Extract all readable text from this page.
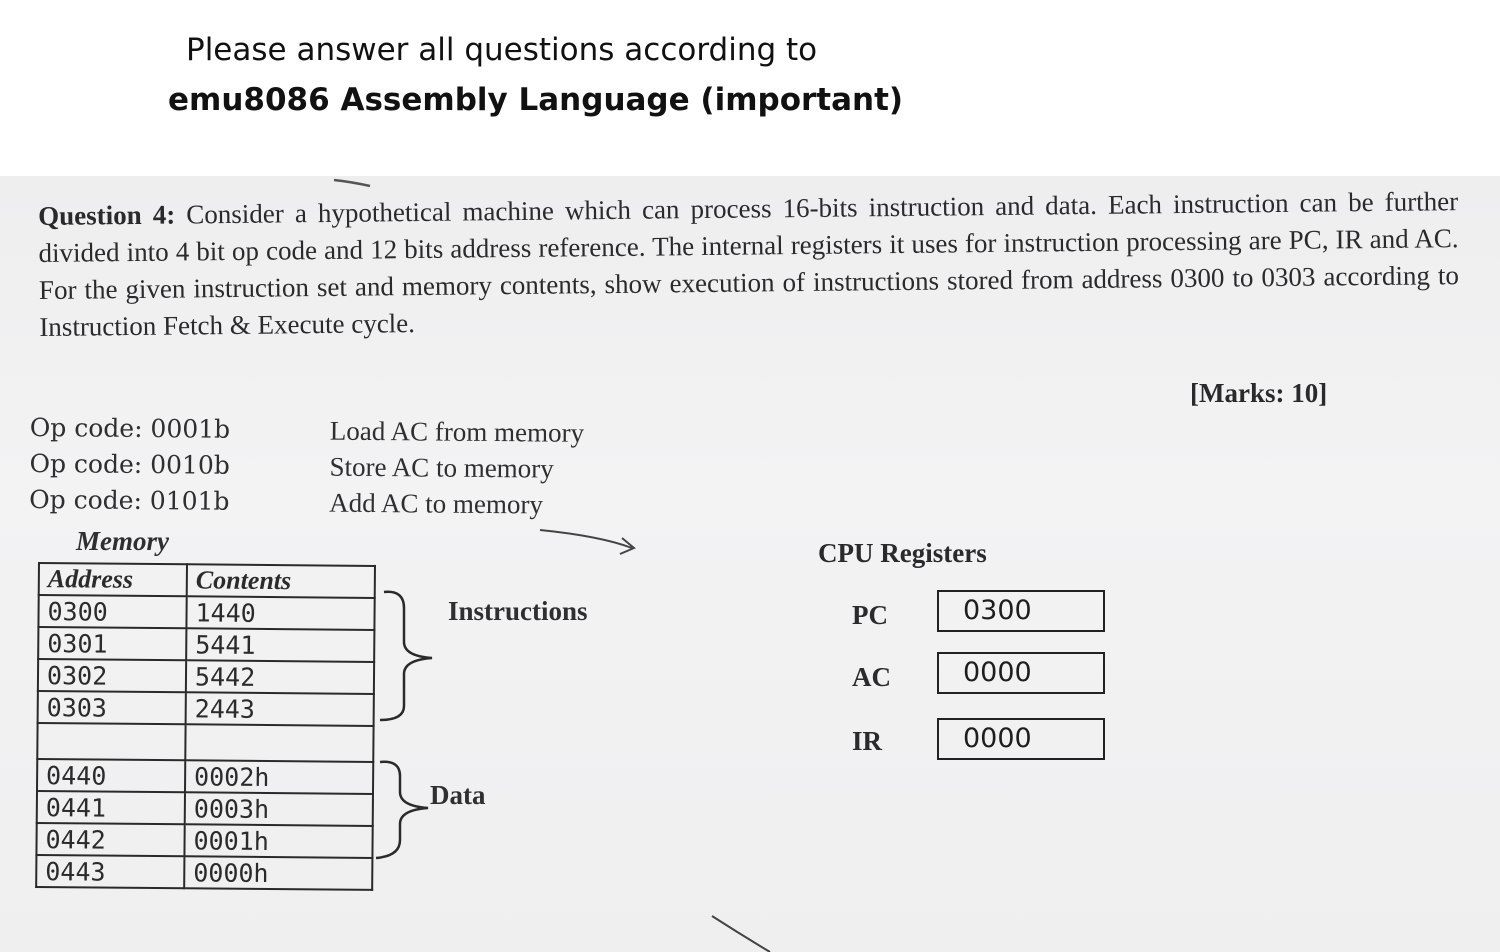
Please answer all questions according to
emu8086 Assembly Language (important)
Question 4: Consider a hypothetical machine which can process 16-bits instruction and data. Each instruction can be further divided into 4 bit op code and 12 bits address reference. The internal registers it uses for instruction processing are PC, IR and AC. For the given instruction set and memory contents, show execution of instructions stored from address 0300 to 0303 according to Instruction Fetch & Execute cycle.
[Marks: 10]
Op code: 0001b	Load AC from memory
Op code: 0010b	Store AC to memory
Op code: 0101b	Add AC to memory
Memory
Address	Contents
0300	1440
0301	5441
0302	5442
0303	2443

0440	0002h
0441	0003h
0442	0001h
0443	0000h
Instructions
Data
CPU Registers
PC	0300
AC	0000
IR	0000
